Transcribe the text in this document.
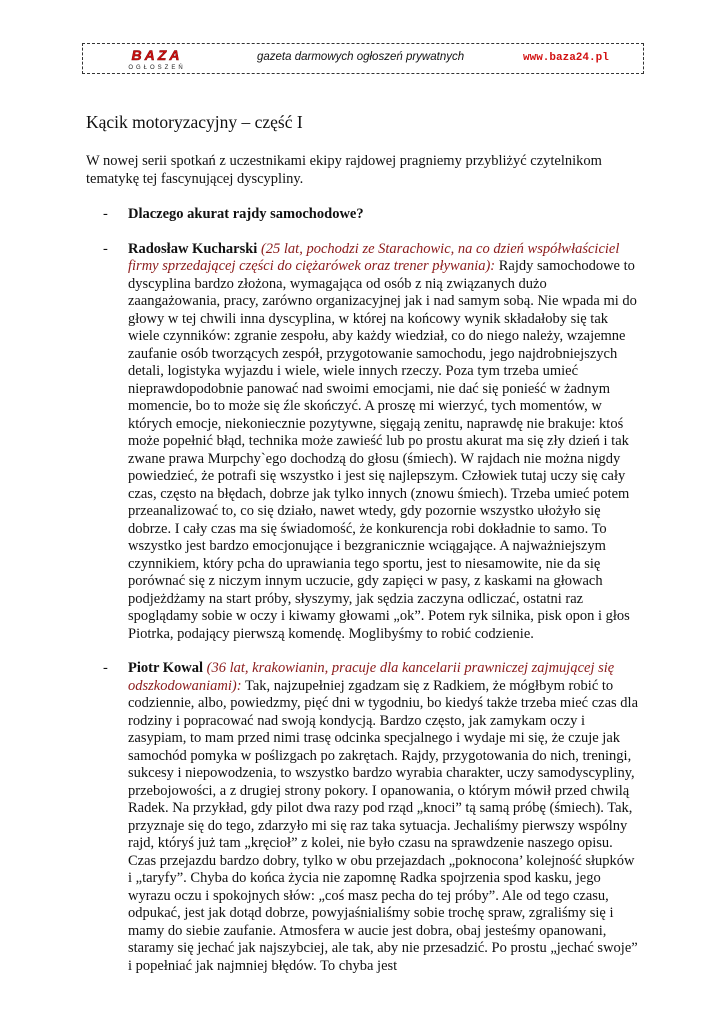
BAZA
OGŁOSZEŃ
gazeta darmowych ogłoszeń prywatnych	www.baza24.pl
Kącik motoryzacyjny – część I

W nowej serii spotkań z uczestnikami ekipy rajdowej pragniemy przybliżyć czytelnikom tematykę tej fascynującej dyscypliny.

- Dlaczego akurat rajdy samochodowe?
- Radosław Kucharski (25 lat, pochodzi ze Starachowic, na co dzień współwłaściciel firmy sprzedającej części do ciężarówek oraz trener pływania): Rajdy samochodowe to dyscyplina bardzo złożona, wymagająca od osób z nią związanych dużo zaangażowania, pracy, zarówno organizacyjnej jak i nad samym sobą. Nie wpada mi do głowy w tej chwili inna dyscyplina, w której na końcowy wynik składałoby się tak wiele czynników: zgranie zespołu, aby każdy wiedział, co do niego należy, wzajemne zaufanie osób tworzących zespół, przygotowanie samochodu, jego najdrobniejszych detali, logistyka wyjazdu i wiele, wiele innych rzeczy. Poza tym trzeba umieć nieprawdopodobnie panować nad swoimi emocjami, nie dać się ponieść w żadnym momencie, bo to może się źle skończyć. A proszę mi wierzyć, tych momentów, w których emocje, niekoniecznie pozytywne, sięgają zenitu, naprawdę nie brakuje: ktoś może popełnić błąd, technika może zawieść lub po prostu akurat ma się zły dzień i tak zwane prawa Murpchy`ego dochodzą do głosu (śmiech). W rajdach nie można nigdy powiedzieć, że potrafi się wszystko i jest się najlepszym. Człowiek tutaj uczy się cały czas, często na błędach, dobrze jak tylko innych (znowu śmiech). Trzeba umieć potem przeanalizować to, co się działo, nawet wtedy, gdy pozornie wszystko ułożyło się dobrze. I cały czas ma się świadomość, że konkurencja robi dokładnie to samo. To wszystko jest bardzo emocjonujące i bezgranicznie wciągające. A najważniejszym czynnikiem, który pcha do uprawiania tego sportu, jest to niesamowite, nie da się porównać się z niczym innym uczucie, gdy zapięci w pasy, z kaskami na głowach podjeżdżamy na start próby, słyszymy, jak sędzia zaczyna odliczać, ostatni raz spoglądamy sobie w oczy i kiwamy głowami „ok”. Potem ryk silnika, pisk opon i głos Piotrka, podający pierwszą komendę. Moglibyśmy to robić codzienie.
- Piotr Kowal (36 lat, krakowianin, pracuje dla kancelarii prawniczej zajmującej się odszkodowaniami): Tak, najzupełniej zgadzam się z Radkiem, że mógłbym robić to codziennie, albo, powiedzmy, pięć dni w tygodniu, bo kiedyś także trzeba mieć czas dla rodziny i popracować nad swoją kondycją. Bardzo często, jak zamykam oczy i zasypiam, to mam przed nimi trasę odcinka specjalnego i wydaje mi się, że czuje jak samochód pomyka w poślizgach po zakrętach. Rajdy, przygotowania do nich, treningi, sukcesy i niepowodzenia, to wszystko bardzo wyrabia charakter, uczy samodyscypliny, przebojowości, a z drugiej strony pokory. I opanowania, o którym mówił przed chwilą Radek. Na przykład, gdy pilot dwa razy pod rząd „knoci” tą samą próbę (śmiech). Tak, przyznaje się do tego, zdarzyło mi się raz taka sytuacja. Jechaliśmy pierwszy wspólny rajd, któryś już tam „kręcioł” z kolei, nie było czasu na sprawdzenie naszego opisu. Czas przejazdu bardzo dobry, tylko w obu przejazdach „poknocona’ kolejność słupków i „taryfy”. Chyba do końca życia nie zapomnę Radka spojrzenia spod kasku, jego wyrazu oczu i spokojnych słów: „coś masz pecha do tej próby”. Ale od tego czasu, odpukać, jest jak dotąd dobrze, powyjaśnialiśmy sobie trochę spraw, zgraliśmy się i mamy do siebie zaufanie. Atmosfera w aucie jest dobra, obaj jesteśmy opanowani, staramy się jechać jak najszybciej, ale tak, aby nie przesadzić. Po prostu „jechać swoje” i popełniać jak najmniej błędów. To chyba jest
